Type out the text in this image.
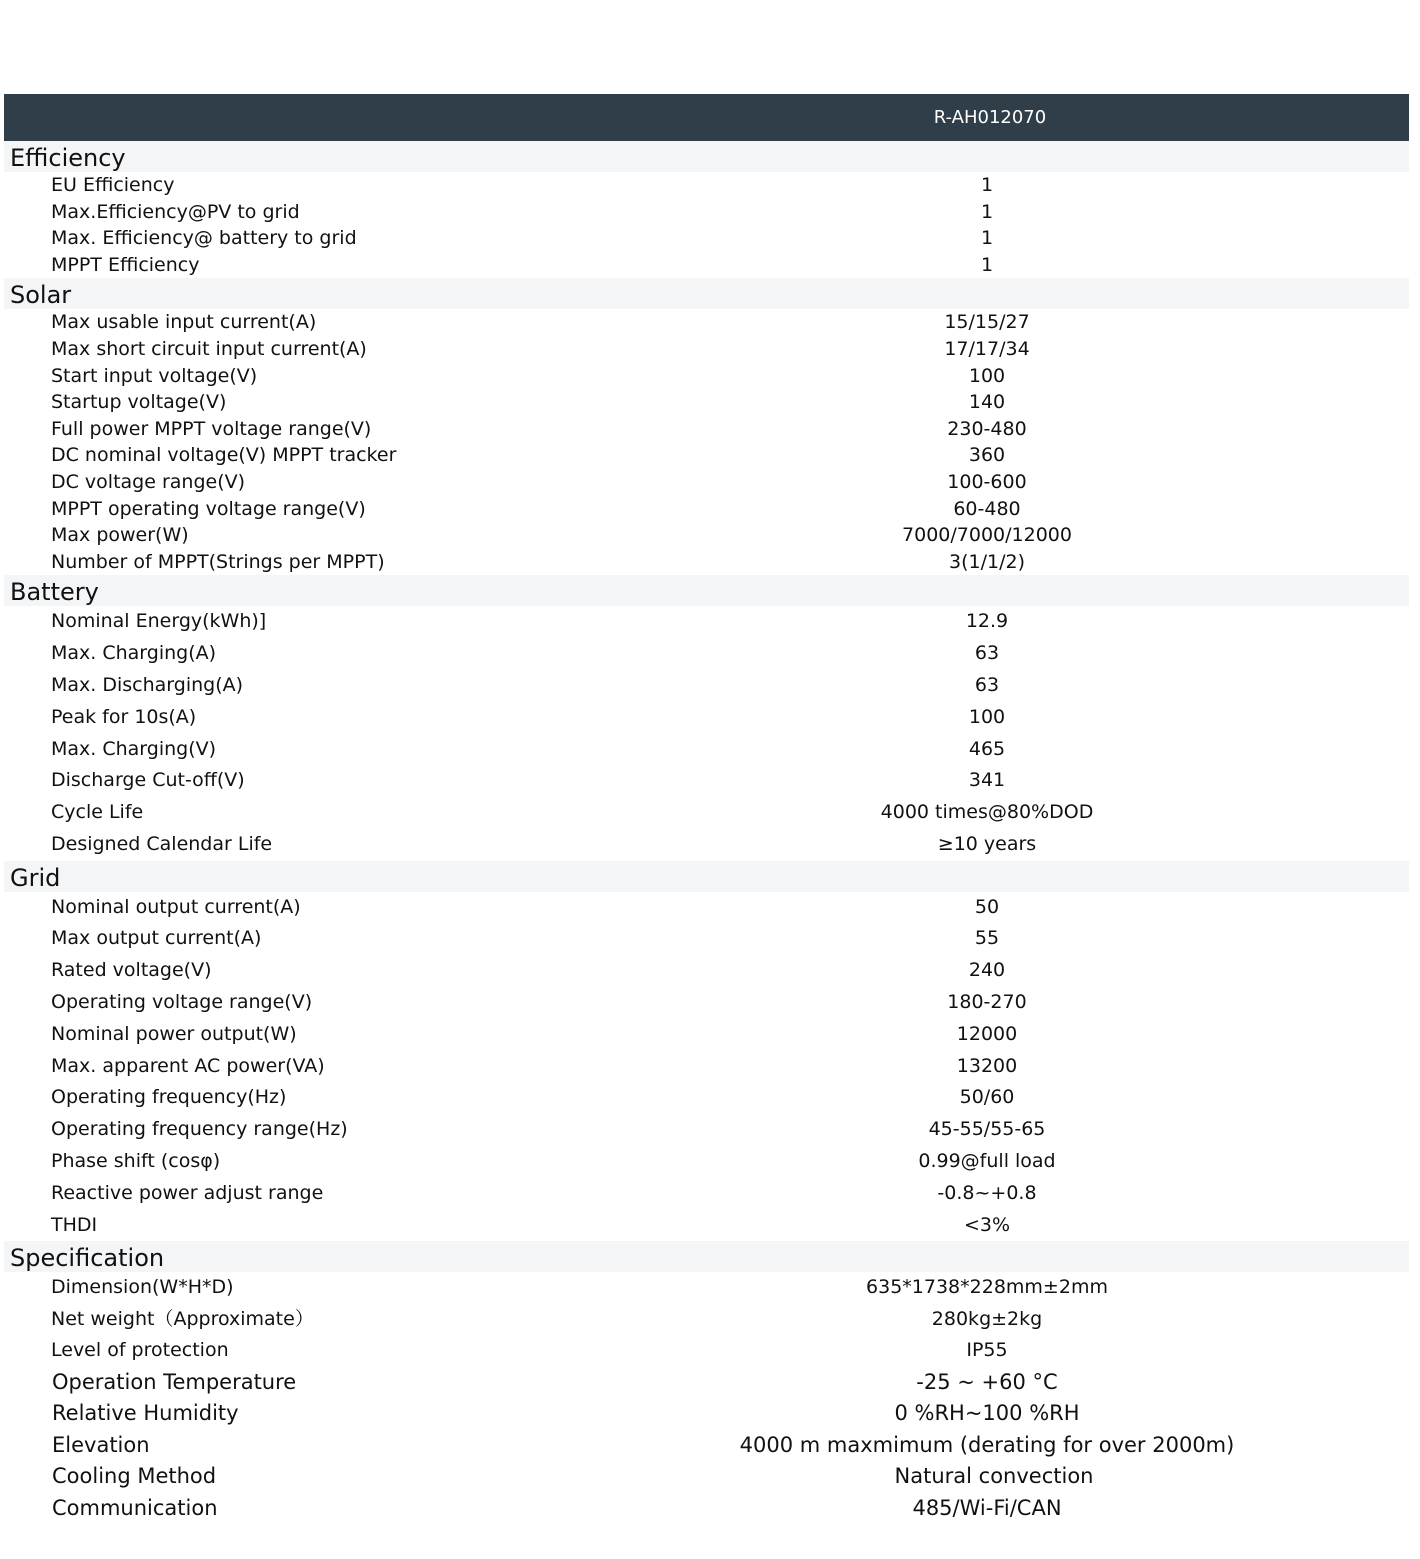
R-AH012070
Efficiency
EU Efficiency	1
Max.Efficiency@PV to grid	1
Max. Efficiency@ battery to grid	1
MPPT Efficiency	1
Solar
Max usable input current(A)	15/15/27
Max short circuit input current(A)	17/17/34
Start input voltage(V)	100
Startup voltage(V)	140
Full power MPPT voltage range(V)	230-480
DC nominal voltage(V) MPPT tracker	360
DC voltage range(V)	100-600
MPPT operating voltage range(V)	60-480
Max power(W)	7000/7000/12000
Number of MPPT(Strings per MPPT)	3(1/1/2)
Battery
Nominal Energy(kWh)]	12.9
Max. Charging(A)	63
Max. Discharging(A)	63
Peak for 10s(A)	100
Max. Charging(V)	465
Discharge Cut-off(V)	341
Cycle Life	4000 times@80%DOD
Designed Calendar Life	≥10 years
Grid
Nominal output current(A)	50
Max output current(A)	55
Rated voltage(V)	240
Operating voltage range(V)	180-270
Nominal power output(W)	12000
Max. apparent AC power(VA)	13200
Operating frequency(Hz)	50/60
Operating frequency range(Hz)	45-55/55-65
Phase shift (cosφ)	0.99@full load
Reactive power adjust range	-0.8~+0.8
THDI	<3%
Specification
Dimension(W*H*D)	635*1738*228mm±2mm
Net weight（Approximate）	280kg±2kg
Level of protection	IP55
Operation Temperature	-25 ~ +60 °C
Relative Humidity	0 %RH~100 %RH
Elevation	4000 m maxmimum (derating for over 2000m)
Cooling Method	Natural convection
Communication	485/Wi-Fi/CAN
